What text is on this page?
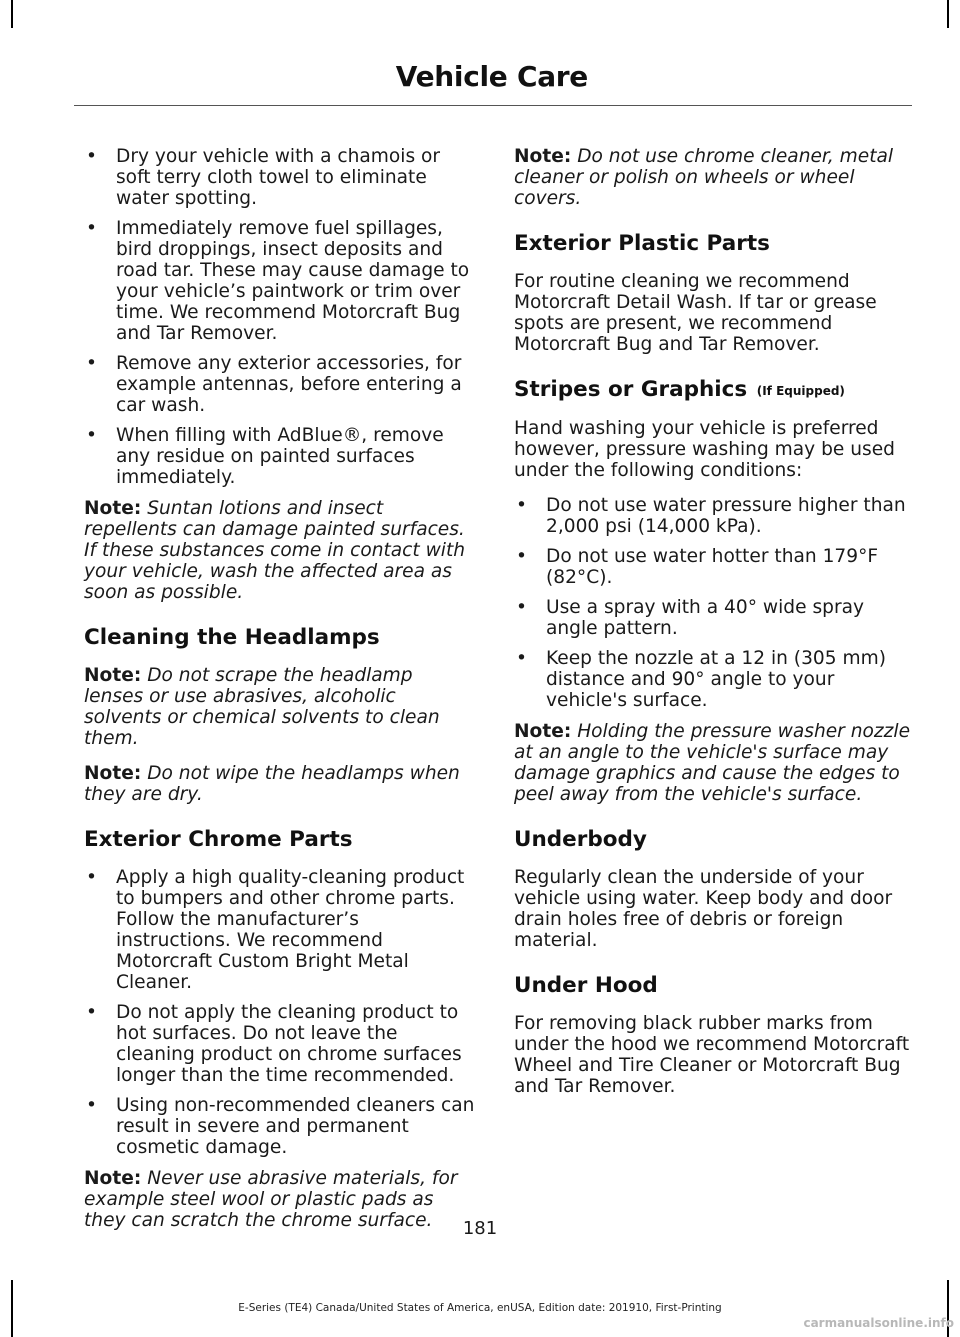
Vehicle Care
• Dry your vehicle with a chamois or soft terry cloth towel to eliminate water spotting.
• Immediately remove fuel spillages, bird droppings, insect deposits and road tar. These may cause damage to your vehicle’s paintwork or trim over time. We recommend Motorcraft Bug and Tar Remover.
• Remove any exterior accessories, for example antennas, before entering a car wash.
• When filling with AdBlue®, remove any residue on painted surfaces immediately.

Note: Suntan lotions and insect repellents can damage painted surfaces. If these substances come in contact with your vehicle, wash the affected area as soon as possible.

Cleaning the Headlamps

Note: Do not scrape the headlamp lenses or use abrasives, alcoholic solvents or chemical solvents to clean them.

Note: Do not wipe the headlamps when they are dry.

Exterior Chrome Parts
• Apply a high quality-cleaning product to bumpers and other chrome parts. Follow the manufacturer’s instructions. We recommend Motorcraft Custom Bright Metal Cleaner.
• Do not apply the cleaning product to hot surfaces. Do not leave the cleaning product on chrome surfaces longer than the time recommended.
• Using non-recommended cleaners can result in severe and permanent cosmetic damage.

Note: Never use abrasive materials, for example steel wool or plastic pads as they can scratch the chrome surface.

Note: Do not use chrome cleaner, metal cleaner or polish on wheels or wheel covers.

Exterior Plastic Parts

For routine cleaning we recommend Motorcraft Detail Wash. If tar or grease spots are present, we recommend Motorcraft Bug and Tar Remover.

Stripes or Graphics (If Equipped)

Hand washing your vehicle is preferred however, pressure washing may be used under the following conditions:

• Do not use water pressure higher than 2,000 psi (14,000 kPa).
• Do not use water hotter than 179°F (82°C).
• Use a spray with a 40° wide spray angle pattern.
• Keep the nozzle at a 12 in (305 mm) distance and 90° angle to your vehicle's surface.

Note: Holding the pressure washer nozzle at an angle to the vehicle's surface may damage graphics and cause the edges to peel away from the vehicle's surface.

Underbody

Regularly clean the underside of your vehicle using water. Keep body and door drain holes free of debris or foreign material.

Under Hood

For removing black rubber marks from under the hood we recommend Motorcraft Wheel and Tire Cleaner or Motorcraft Bug and Tar Remover.

181
E-Series (TE4) Canada/United States of America, enUSA, Edition date: 201910, First-Printing
carmanualsonline.info
